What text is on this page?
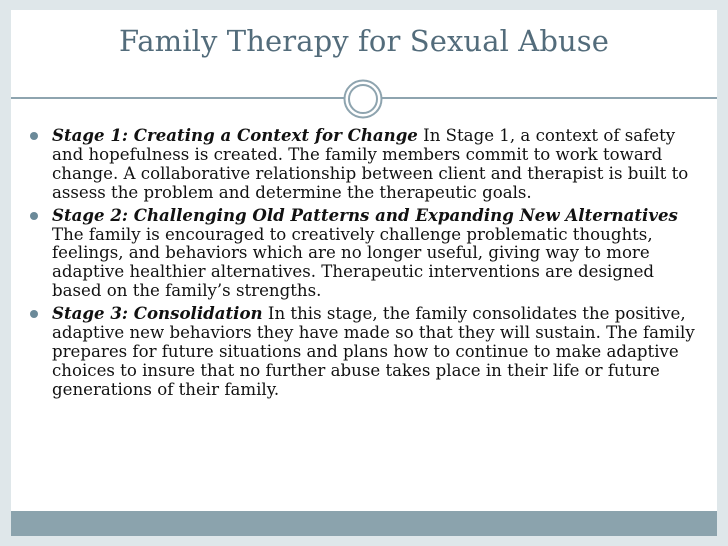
Family Therapy for Sexual Abuse
Stage 1: Creating a Context for Change In Stage 1, a context of safety and hopefulness is created. The family members commit to work toward change. A collaborative relationship between client and therapist is built to assess the problem and determine the therapeutic goals.
Stage 2: Challenging Old Patterns and Expanding New Alternatives The family is encouraged to creatively challenge problematic thoughts, feelings, and behaviors which are no longer useful, giving way to more adaptive healthier alternatives. Therapeutic interventions are designed based on the family’s strengths.
Stage 3: Consolidation In this stage, the family consolidates the positive, adaptive new behaviors they have made so that they will sustain. The family prepares for future situations and plans how to continue to make adaptive choices to insure that no further abuse takes place in their life or future generations of their family.
